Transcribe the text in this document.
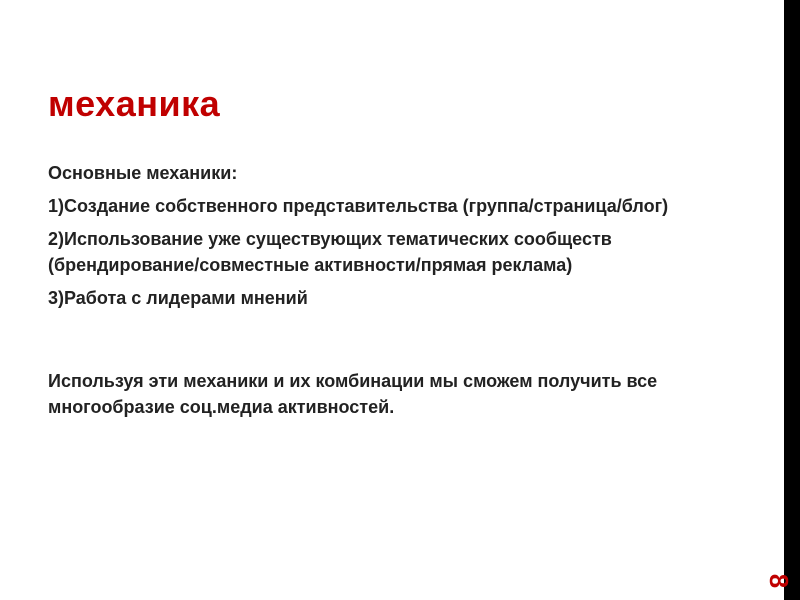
механика

Основные механики:

1)Создание собственного представительства (группа/страница/блог)

2)Использование уже существующих тематических сообществ (брендирование/совместные активности/прямая реклама)

3)Работа с лидерами мнений

Используя эти механики и их комбинации мы сможем получить все многообразие соц.медиа активностей.

8
